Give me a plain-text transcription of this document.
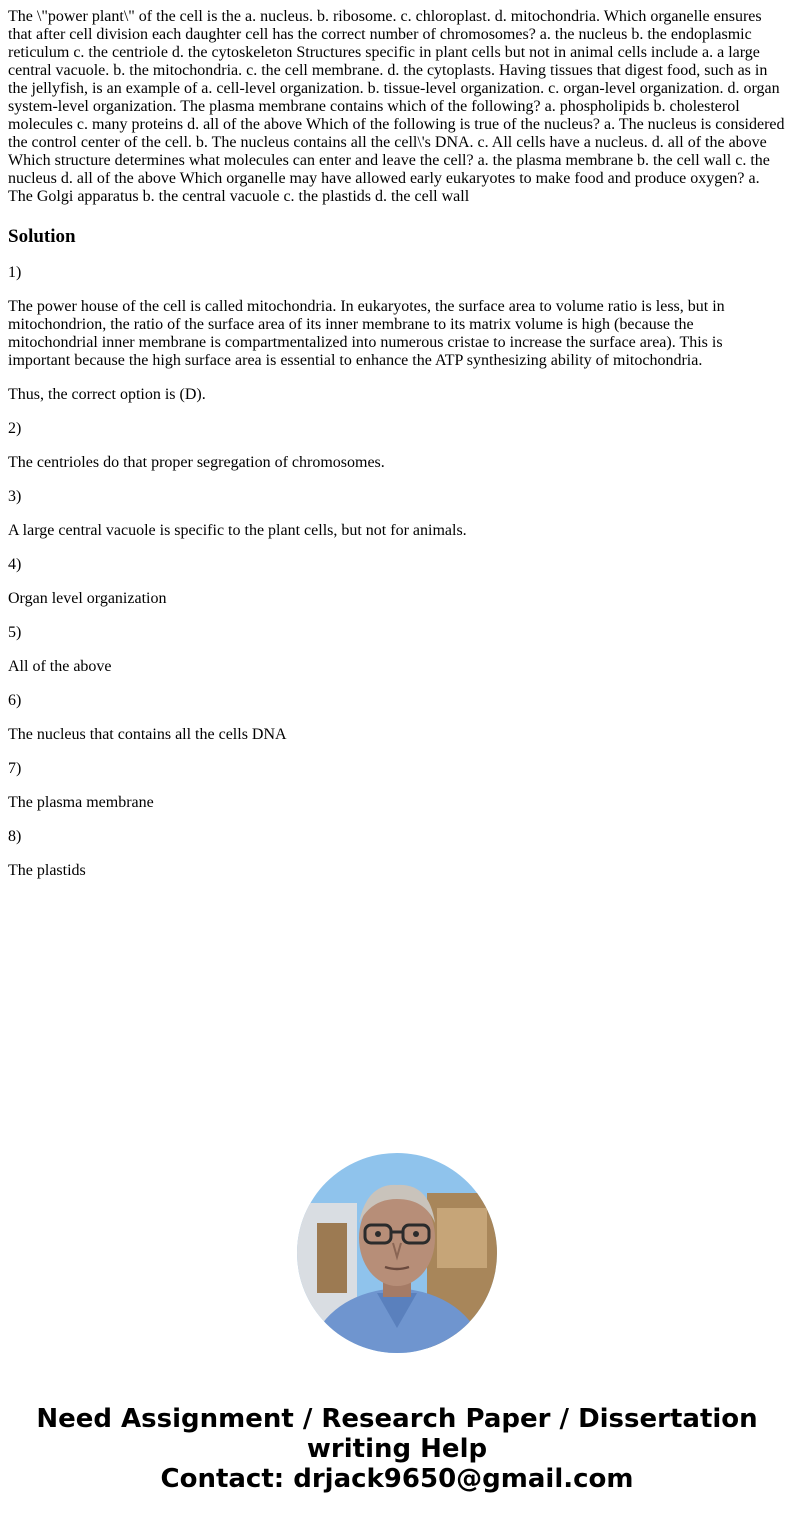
The \"power plant\" of the cell is the a. nucleus. b. ribosome. c. chloroplast. d. mitochondria. Which organelle ensures that after cell division each daughter cell has the correct number of chromosomes? a. the nucleus b. the endoplasmic reticulum c. the centriole d. the cytoskeleton Structures specific in plant cells but not in animal cells include a. a large central vacuole. b. the mitochondria. c. the cell membrane. d. the cytoplasts. Having tissues that digest food, such as in the jellyfish, is an example of a. cell-level organization. b. tissue-level organization. c. organ-level organization. d. organ system-level organization. The plasma membrane contains which of the following? a. phospholipids b. cholesterol molecules c. many proteins d. all of the above Which of the following is true of the nucleus? a. The nucleus is considered the control center of the cell. b. The nucleus contains all the cell\'s DNA. c. All cells have a nucleus. d. all of the above Which structure determines what molecules can enter and leave the cell? a. the plasma membrane b. the cell wall c. the nucleus d. all of the above Which organelle may have allowed early eukaryotes to make food and produce oxygen? a. The Golgi apparatus b. the central vacuole c. the plastids d. the cell wall

Solution

1)

The power house of the cell is called mitochondria. In eukaryotes, the surface area to volume ratio is less, but in mitochondrion, the ratio of the surface area of its inner membrane to its matrix volume is high (because the mitochondrial inner membrane is compartmentalized into numerous cristae to increase the surface area). This is important because the high surface area is essential to enhance the ATP synthesizing ability of mitochondria.

Thus, the correct option is (D).

2)

The centrioles do that proper segregation of chromosomes.

3)

A large central vacuole is specific to the plant cells, but not for animals.

4)

Organ level organization

5)

All of the above

6)

The nucleus that contains all the cells DNA

7)

The plasma membrane

8)

The plastids

Need Assignment / Research Paper / Dissertation
writing Help
Contact: drjack9650@gmail.com
